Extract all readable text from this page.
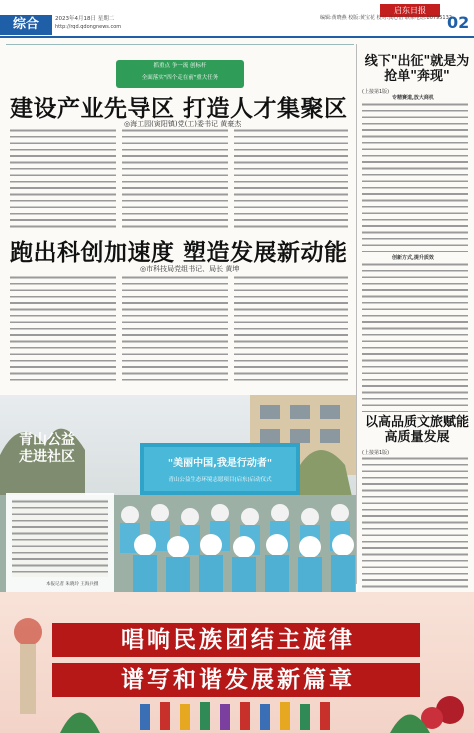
综合	2023年4月18日 星期二
http://rqd.qdongnews.com
启东日报
编辑:黄晓燕 校版:黄宝花 校对:龚心怡 联系电话:80795132
02
抓重点 争一流 创标杆
全面落实"四个走在前"重大任务
建设产业先导区 打造人才集聚区
◎海工园(寅阳镇)党(工)委书记 黄豪杰
跑出科创加速度 塑造发展新动能
◎市科技局党组书记、局长 黄坤
线下"出征"就是为抢单"奔现"
(上接第1版)
专精赛道,放大商机
创新方式,提升质效
以高品质文旅赋能高质量发展
(上接第1版)
"美丽中国,我是行动者"
青山公益生态环境志愿项目(启东)启动仪式
青山公益
走进社区
本报记者 朱晓玲 王海兵摄
唱响民族团结主旋律
谱写和谐发展新篇章
